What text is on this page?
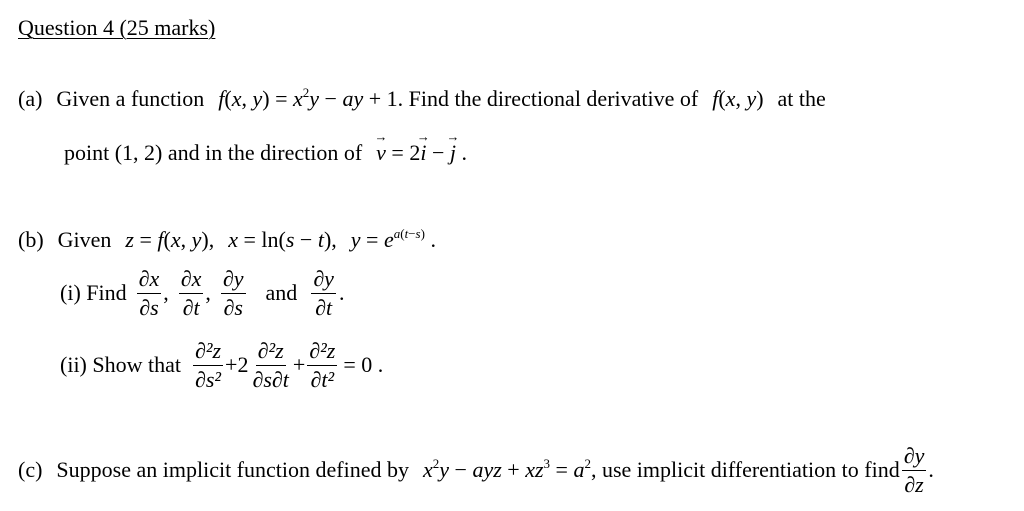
Question 4 (25 marks)
(a) Given a function f(x, $y) = x^2y$ − ay + 1. Find the directional derivative of f(x, y) at the
point (1, 2) and in the direction of→ v = 2→ i − → j .
(b) Given z = f(x, y), x = ln(s − t), $y = e^{a(t-s)}$ .
(i) Find $\frac{\partial x}{\partial s}$ , $\frac{\partial x}{\partial t}$ , $\frac{\partial y}{\partial s}$ and $\frac{\partial y}{\partial t}$ .
(ii) Show that $\frac{\text{∂²z}}{\text{∂s²}} +2 \frac{\text{∂²z}}{\partial s\partial t} + \frac{\text{∂²z}}{\text{∂t²}} = 0$ .
(c) Suppose an implicit function defined by $x^2y$ − ayz + $xz^3 = a^2$ , use implicit differentiation to find $\frac{\partial y}{\partial z}$ .
